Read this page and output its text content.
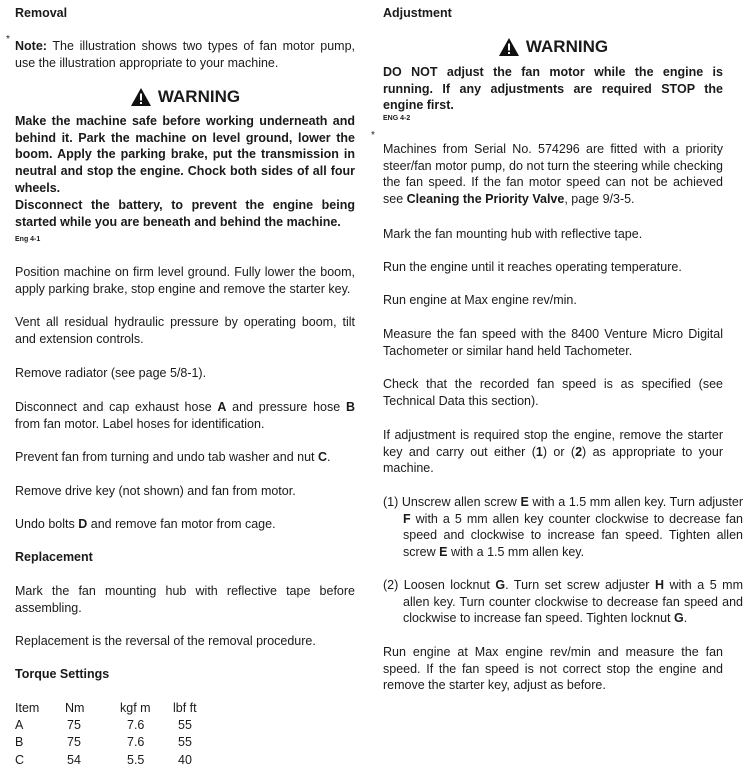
Removal
* Note: The illustration shows two types of fan motor pump, use the illustration appropriate to your machine.
WARNING
Make the machine safe before working underneath and behind it. Park the machine on level ground, lower the boom. Apply the parking brake, put the transmission in neutral and stop the engine. Chock both sides of all four wheels.
Disconnect the battery, to prevent the engine being started while you are beneath and behind the machine.
Eng 4-1
Position machine on firm level ground. Fully lower the boom, apply parking brake, stop engine and remove the starter key.
Vent all residual hydraulic pressure by operating boom, tilt and extension controls.
Remove radiator (see page 5/8-1).
Disconnect and cap exhaust hose A and pressure hose B from fan motor. Label hoses for identification.
Prevent fan from turning and undo tab washer and nut C.
Remove drive key (not shown) and fan from motor.
Undo bolts D and remove fan motor from cage.
Replacement
Mark the fan mounting hub with reflective tape before assembling.
Replacement is the reversal of the removal procedure.
Torque Settings
Item	Nm	kgf m	lbf ft
A	75	7.6	55
B	75	7.6	55
C	54	5.5	40
Adjustment
WARNING
DO NOT adjust the fan motor while the engine is running. If any adjustments are required STOP the engine first.
ENG 4-2
*
Machines from Serial No. 574296 are fitted with a priority steer/fan motor pump, do not turn the steering while checking the fan speed. If the fan motor speed can not be achieved see Cleaning the Priority Valve, page 9/3-5.
Mark the fan mounting hub with reflective tape.
Run the engine until it reaches operating temperature.
Run engine at Max engine rev/min.
Measure the fan speed with the 8400 Venture Micro Digital Tachometer or similar hand held Tachometer.
Check that the recorded fan speed is as specified (see Technical Data this section).
If adjustment is required stop the engine, remove the starter key and carry out either (1) or (2) as appropriate to your machine.
(1) Unscrew allen screw E with a 1.5 mm allen key. Turn adjuster F with a 5 mm allen key counter clockwise to decrease fan speed and clockwise to increase fan speed. Tighten allen screw E with a 1.5 mm allen key.
(2) Loosen locknut G. Turn set screw adjuster H with a 5 mm allen key. Turn counter clockwise to decrease fan speed and clockwise to increase fan speed. Tighten locknut G.
Run engine at Max engine rev/min and measure the fan speed. If the fan speed is not correct stop the engine and remove the starter key, adjust as before.
